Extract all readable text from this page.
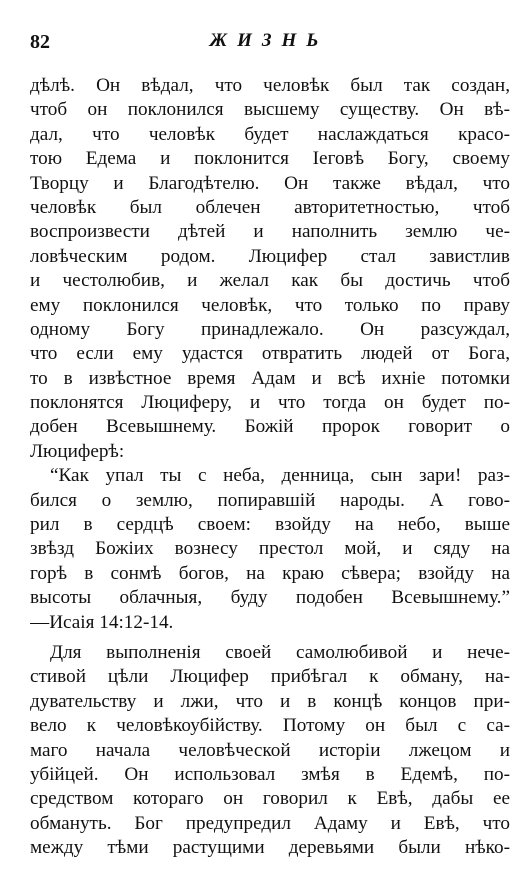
82	ЖИЗНЬ
дѣлѣ. Он вѣдал, что человѣк был так создан,
чтоб он поклонился высшему существу. Он вѣ-
дал, что человѣк будет наслаждаться красо-
тою Едема и поклонится Іеговѣ Богу, своему
Творцу и Благодѣтелю. Он также вѣдал, что
человѣк был облечен авторитетностью, чтоб
воспроизвести дѣтей и наполнить землю че-
ловѣческим родом. Люцифер стал завистлив
и честолюбив, и желал как бы достичь чтоб
ему поклонился человѣк, что только по праву
одному Богу принадлежало. Он разсуждал,
что если ему удастся отвратить людей от Бога,
то в извѣстное время Адам и всѣ ихніе потомки
поклонятся Люциферу, и что тогда он будет по-
добен Всевышнему. Божій пророк говорит о
Люциферѣ:
“Как упал ты с неба, денница, сын зари! раз-
бился о землю, попиравшій народы. А гово-
рил в сердцѣ своем: взойду на небо, выше
звѣзд Божіих вознесу престол мой, и сяду на
горѣ в сонмѣ богов, на краю сѣвера; взойду на
высоты облачныя, буду подобен Всевышнему.”
—Исаія 14:12-14.
Для выполненія своей самолюбивой и нече-
стивой цѣли Люцифер прибѣгал к обману, на-
дувательству и лжи, что и в концѣ концов при-
вело к человѣкоубійству. Потому он был с са-
маго начала человѣческой исторіи лжецом и
убійцей. Он использовал змѣя в Едемѣ, по-
средством котораго он говорил к Евѣ, дабы ее
обмануть. Бог предупредил Адаму и Евѣ, что
между тѣми растущими деревьями были нѣко-
